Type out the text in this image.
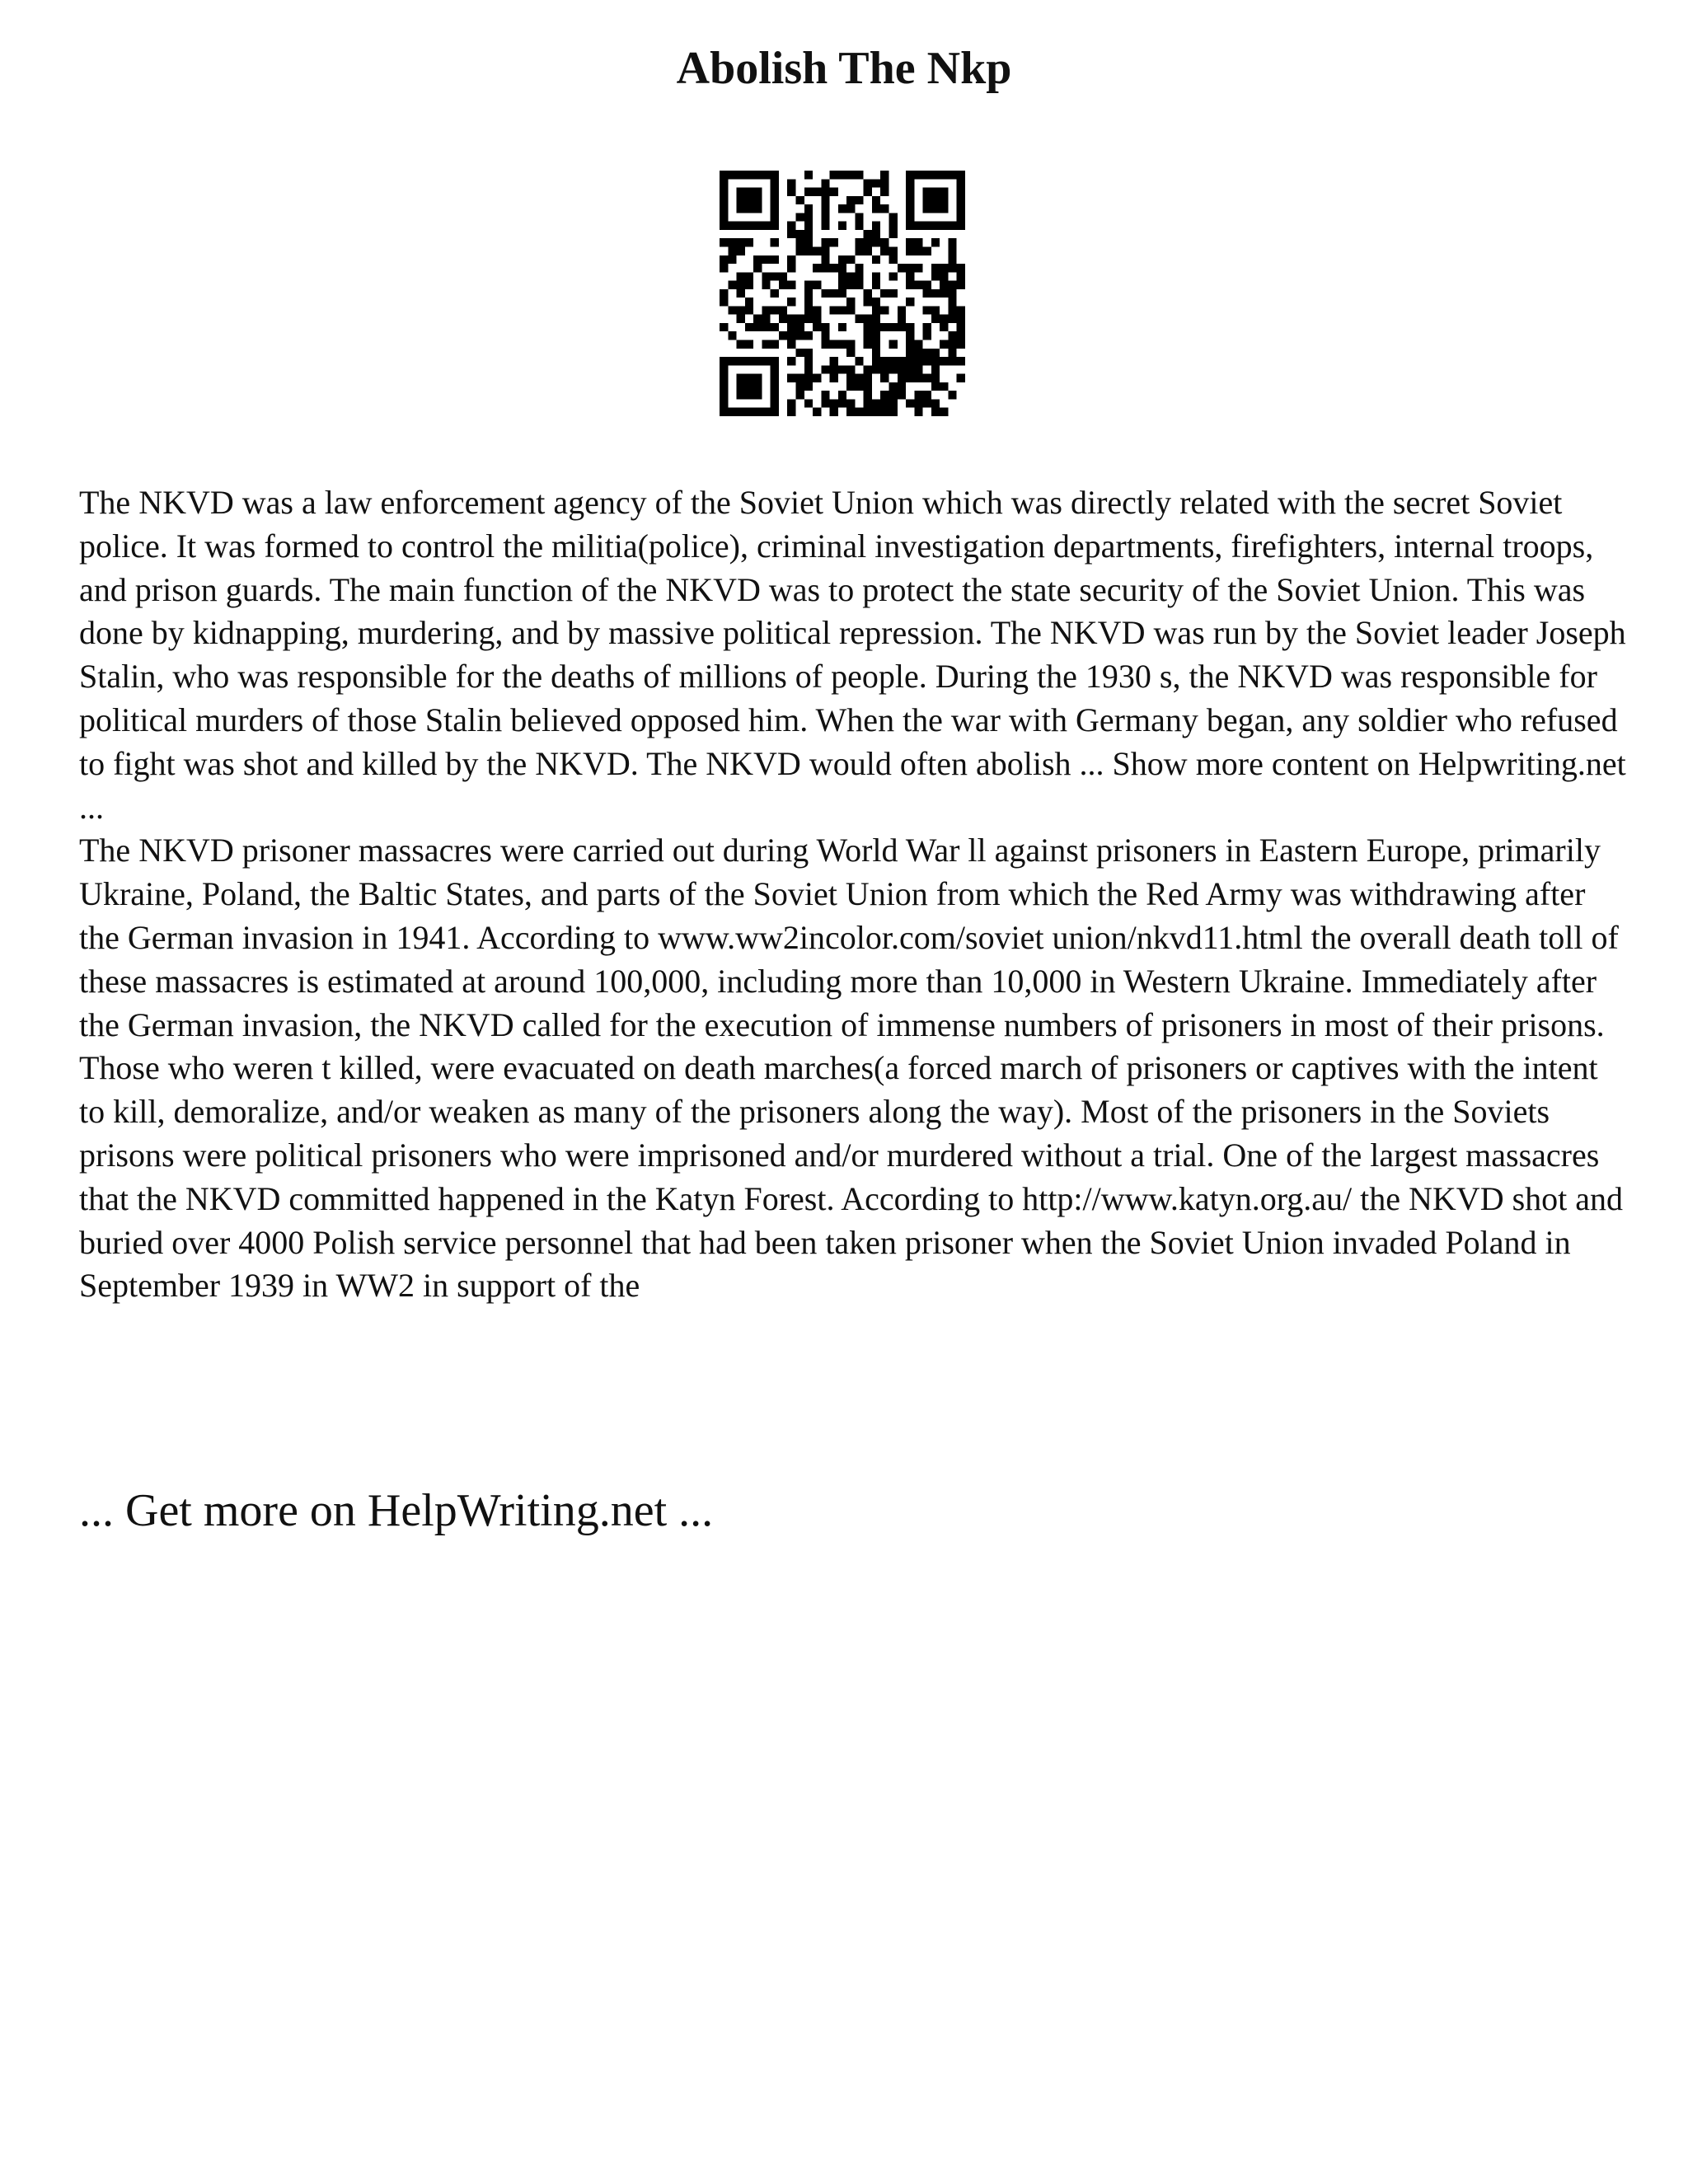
Abolish The Nkp

The NKVD was a law enforcement agency of the Soviet Union which was directly related with the secret Soviet police. It was formed to control the militia(police), criminal investigation departments, firefighters, internal troops, and prison guards. The main function of the NKVD was to protect the state security of the Soviet Union. This was done by kidnapping, murdering, and by massive political repression. The NKVD was run by the Soviet leader Joseph Stalin, who was responsible for the deaths of millions of people. During the 1930 s, the NKVD was responsible for political murders of those Stalin believed opposed him. When the war with Germany began, any soldier who refused to fight was shot and killed by the NKVD. The NKVD would often abolish ... Show more content on Helpwriting.net ...

The NKVD prisoner massacres were carried out during World War ll against prisoners in Eastern Europe, primarily Ukraine, Poland, the Baltic States, and parts of the Soviet Union from which the Red Army was withdrawing after the German invasion in 1941. According to www.ww2incolor.com/soviet union/nkvd11.html the overall death toll of these massacres is estimated at around 100,000, including more than 10,000 in Western Ukraine. Immediately after the German invasion, the NKVD called for the execution of immense numbers of prisoners in most of their prisons. Those who weren t killed, were evacuated on death marches(a forced march of prisoners or captives with the intent to kill, demoralize, and/or weaken as many of the prisoners along the way). Most of the prisoners in the Soviets prisons were political prisoners who were imprisoned and/or murdered without a trial. One of the largest massacres that the NKVD committed happened in the Katyn Forest. According to http://www.katyn.org.au/ the NKVD shot and buried over 4000 Polish service personnel that had been taken prisoner when the Soviet Union invaded Poland in September 1939 in WW2 in support of the

... Get more on HelpWriting.net ...
